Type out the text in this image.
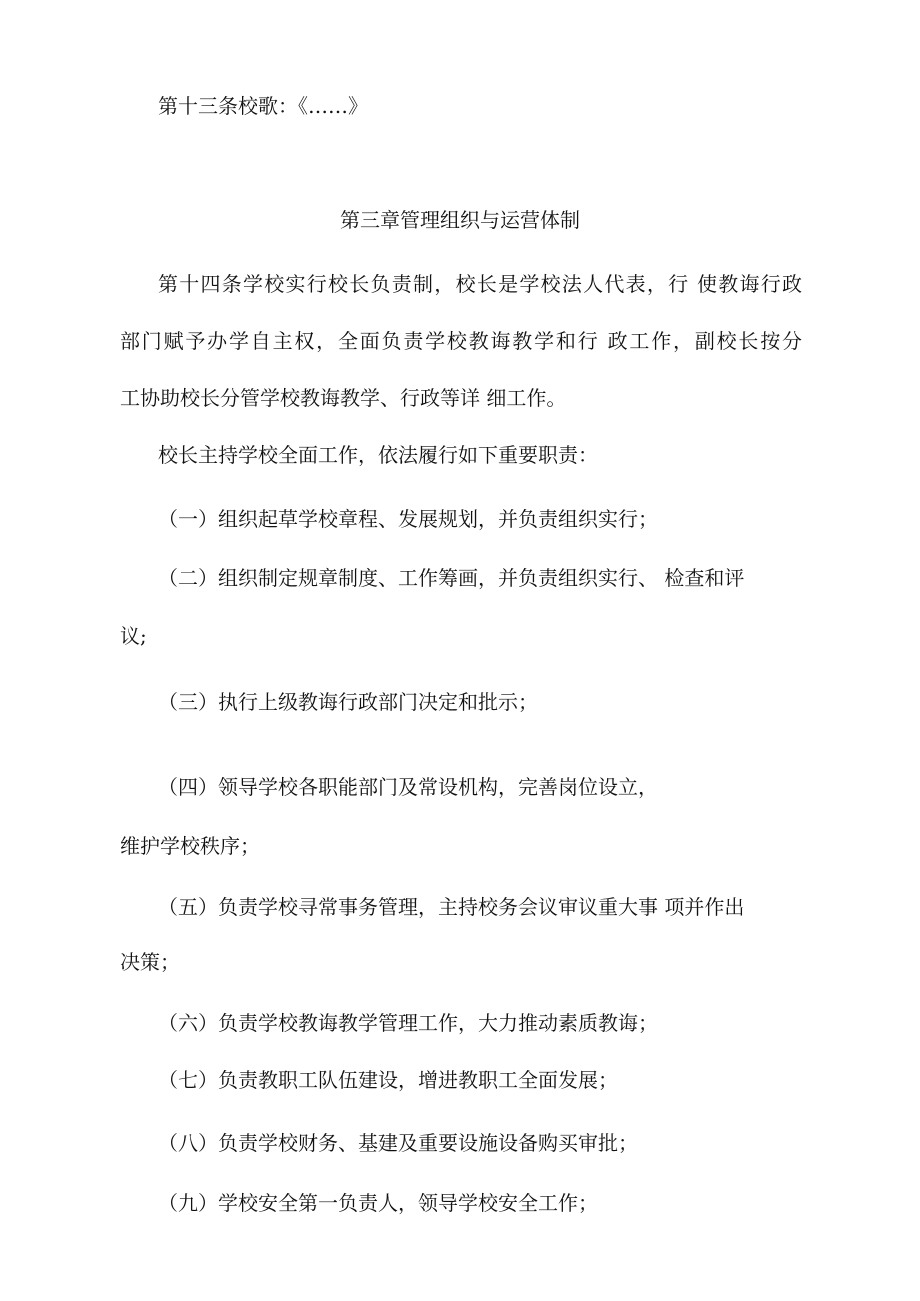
第十三条校歌：《……》

第三章管理组织与运营体制

第十四条学校实行校长负责制，校长是学校法人代表，行 使教诲行政

部门赋予办学自主权，全面负责学校教诲教学和行 政工作，副校长按分

工协助校长分管学校教诲教学、行政等详 细工作。

校长主持学校全面工作，依法履行如下重要职责：

（一）组织起草学校章程、发展规划，并负责组织实行；

（二）组织制定规章制度、工作筹画，并负责组织实行、 检查和评

议;

（三）执行上级教诲行政部门决定和批示；

（四）领导学校各职能部门及常设机构，完善岗位设立，

维护学校秩序；

（五）负责学校寻常事务管理，主持校务会议审议重大事 项并作出

决策；

（六）负责学校教诲教学管理工作，大力推动素质教诲；

（七）负责教职工队伍建设，增进教职工全面发展；

（八）负责学校财务、基建及重要设施设备购买审批；

（九）学校安全第一负责人，领导学校安全工作；
